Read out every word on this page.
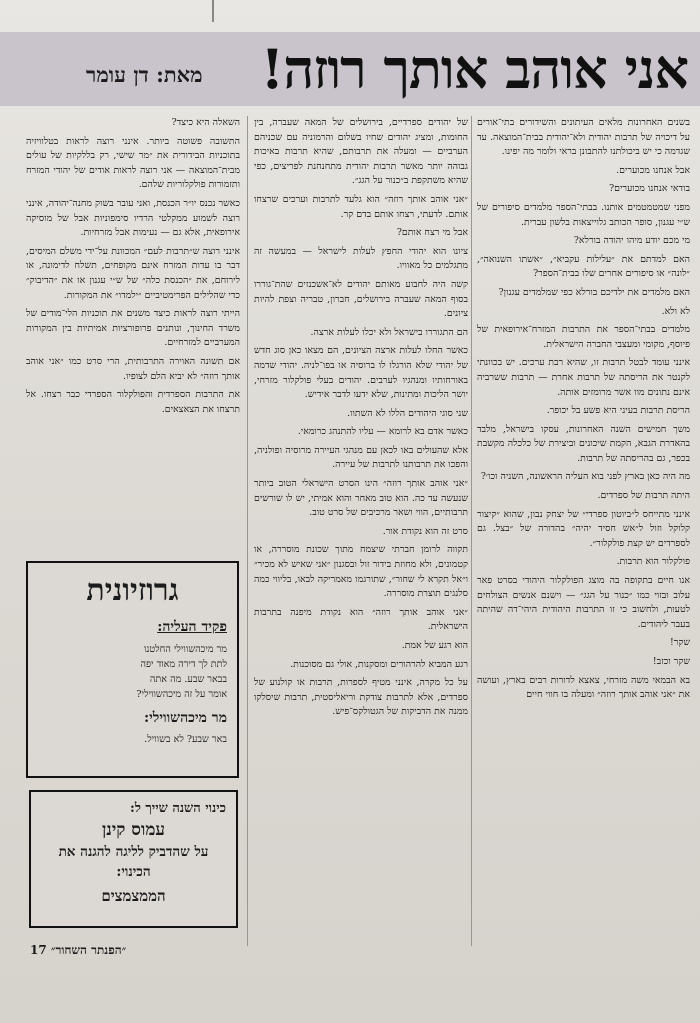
אני אוהב אותך רוזה!
מאת: דן עומר

בשנים האחרונות מלאים העיתונים והשידורים בתי־אורים על דיכויה של תרבות יהודית ולא־יהודית בבית־המוצאה. עד שגדמה כי יש ביכולתנו להתבונן בראי ולומר מה יפינו.

אבל אנחנו מכוערים.

בודאי אנחנו מכוערים?

מפני שמטמטמים אותנו. בבתי־הספר מלמדים סיפורים של ש״י עגנון, סופר הכותב גלוייצאות בלשון עברית.

מי מכם יודע מיהו יהודה בורלא?

האם למדתם את ״עלילות עקביא״, ״אשתו השנואה״, ״לונה״ או סיפורים אחרים שלו בבית־הספר?

האם מלמדים את ילדיכם בורלא כפי שמלמדים עגנון?

לא ולא.

מלמדים בבתי־הספר את התרבות המזרח־אירופאית של פיוסף, מקומי ומעצבי החברה הישראלית.

אינני עומד לבטל תרבות זו, שהיא רבת ערכים. יש בכוונתי לקנטר את הריסתה של תרבות אחרת — תרבות ששרביה אינם נתונים מוו אשר מרומזים אותה.

הריסת תרבות בעיני היא פשע בל יכופר.

משך חמישים השנה האחרונות, עסקו בישראל, מלבד בהאדרת הגבא, הקמת שיכונים וביצירת של כלכלה מקשבת בכפר, גם בהריסתה של תרבות.

מה היה כאן בארץ לפני בוא העליה הראשונה, השניה וכו׳?

היתה תרבות של ספרדים.

אינני מתייחס ל״ביוטון ספרדי״ של יצחק נבון, שהוא ״קיצור קלוקל וזול ל״אש חסיד יהיה״ בהדורה של ״בצל. גם לספרדים יש קצת פולקלור״.

פולקלור הוא תרבות.

אנו חיים בתקופה בה מוצג הפולקלור היהודי בסרט פאר עלוב ובזוי כמו ״כנור על הגג״ — וישנם אנשים הצולחים לטעות, ולחשוב כי זו התרבות היהודית היהי־דה שהיתה בעבר ליהודים.

שקר!

שקר וכזב!

בא הבמאי משה מזרחי, צאצא לדורות רבים בארץ, ועושה את ״אני אוהב אותך רוזה״ ומעלה בו חווי חיים

של יהודים ספרדיים, בירושלים של המאה שעברה, בין החומות, ומציג יהודים שחיו בשלום והרמוניה עם שכניהם הערביים — ומעלה את תרבותם, שהיא תרבות באיכות גבוהה יותר מאשר תרבות יהודית מתחנחנת לפריצים, כפי שהיא משתקפת ב״כנור על הגג״.

״אני אוהב אותך רוזה״ הוא גלעד לתרבות וערכים שרצחו אותם. לדעתי, רצחו אותם בדם קר.

אבל מי רצח אותם?

ציונו הוא יהודי החפץ לעלות לישראל — במעשה זה מתגלמים כל מאוויו.

קשה היה לחבוע מאותם יהודים לא־אשכנזים שהת־גוררו בסוף המאה שעברה בירושלים, חברון, טבריה וצפת להיות ציונים.

הם התגוררו בישראל ולא יכלו לעלות ארצה.

כאשר החלו לעלות ארצה הציונים, הם מצאו כאן סוג חדש של יהודי שלא הורגלו לו ברוסיה או בפו־לניה. יהודי שדמה באורחותיו ומנהגיו לערבים. יהודים בעלי פולקלור מזרחי, יושר הליכות ומתינות, שלא ידעו לדבר אידיש.

שני סוגי היהודים הללו לא השתוו.

כאשר אדם בא לרומא — עליו להתנהג כרומאי.

אלא שהעולים באו לכאן עם מנהגי העיירה מרוסיה ופולניה, והפכו את תרבותנו לתרבות של עיירה.

״אני אוהב אותך רוזה״ הינו הסרט הישראלי הטוב ביותר שנעשה עד כה. הוא טוב מאחר והוא אמיתי, יש לו שורשים תרבותיים, הווי ושאר מרכיבים של סרט טוב.

סרט זה הוא נקודת אור.

תקווה לרומן חברתי שיצמח מתוך שכונת מוסררה, או קטמונים, ולא מחוזת בידור זול ובסגנון ״אני שאיש לא מכיר״ ו״אל תקרא לי שחור״, שתורגמו מאמריקה לבאו, בליווי כמה סלנגים תוצרת מוסררה.

״אני אוהב אותך רוזה״ הוא נקודת מיפנה בתרבות הישראלית.

הוא רגע של אמת.

רגע המביא להרהורים ומסקנות, אולי גם מסוכנות.

על כל מקרה, אינני מטיף לספרות, תרבות או קולנוע של ספרדים, אלא לתרבות צודקת וריאליסטית, תרבות שיסלקו ממנה את הדביקות של הגטולקס־פיש.

השאלה היא כיצד?

התשובה פשוטה ביותר. אינני רוצה לראות בטלוויזיה בתוכניות הבידורית את ״מר שישי, רק בללקיות של עולים מבית־המוצאה — אני רוצה לראות אודים של יהודי המזרח ותזמורות פולקלוריות שלהם.

כאשר נכנס יו״ר הכנסת, ואני עובר בשוק מחנה־יהודה, אינני רוצה לשמוע ממקלטי הרדיו סימפוניות אבל של מוסיקה אירופאית, אלא גם — נעימות אבל מזרחיות.

אינני רוצה ש״תרבות לעם״ המכוונת על־ידי משלם המיסים, דבר בו עדות המזרח אינם מקופחים, תשלח לדימונה, או לירוחם, את ״הכנסת כלה״ של ש״י עגנון או את ״הדיבוק״ כדי שהלילים הפרימטיביים ״ילמדו״ את המקורות.

הייתי רוצה לראות כיצד משנים את תוכניות הלי־מודים של משרד החינוך, ונותנים פרופורציות אמיתיות בין המקורות המערביים למזרחיים.

אם תשונה האוירה התרבותית, הרי סרט כמו ״אני אוהב אותך רוזה״ לא יביא הלם לצופיו.

את התרבות הספרדית והפולקלור הספרדי כבר רצחו. אל תרצחו את הצאצאים.

גרוזיונית
פקיד העליה:
מר מיכהשווילי החלטנו
לתת לך דירה מאוד יפה
בבאר שבע. מה אתה
אומר על זה מיכהשווילי?
מר מיכהשווילי:
באר שבע? לא בשוויל.
כינוי השנה שייך ל:
עמוס קינן
על שהדביק לליגה להגנה את הכינוי:
הממצמצים
״הפנתר השחור״ 17
